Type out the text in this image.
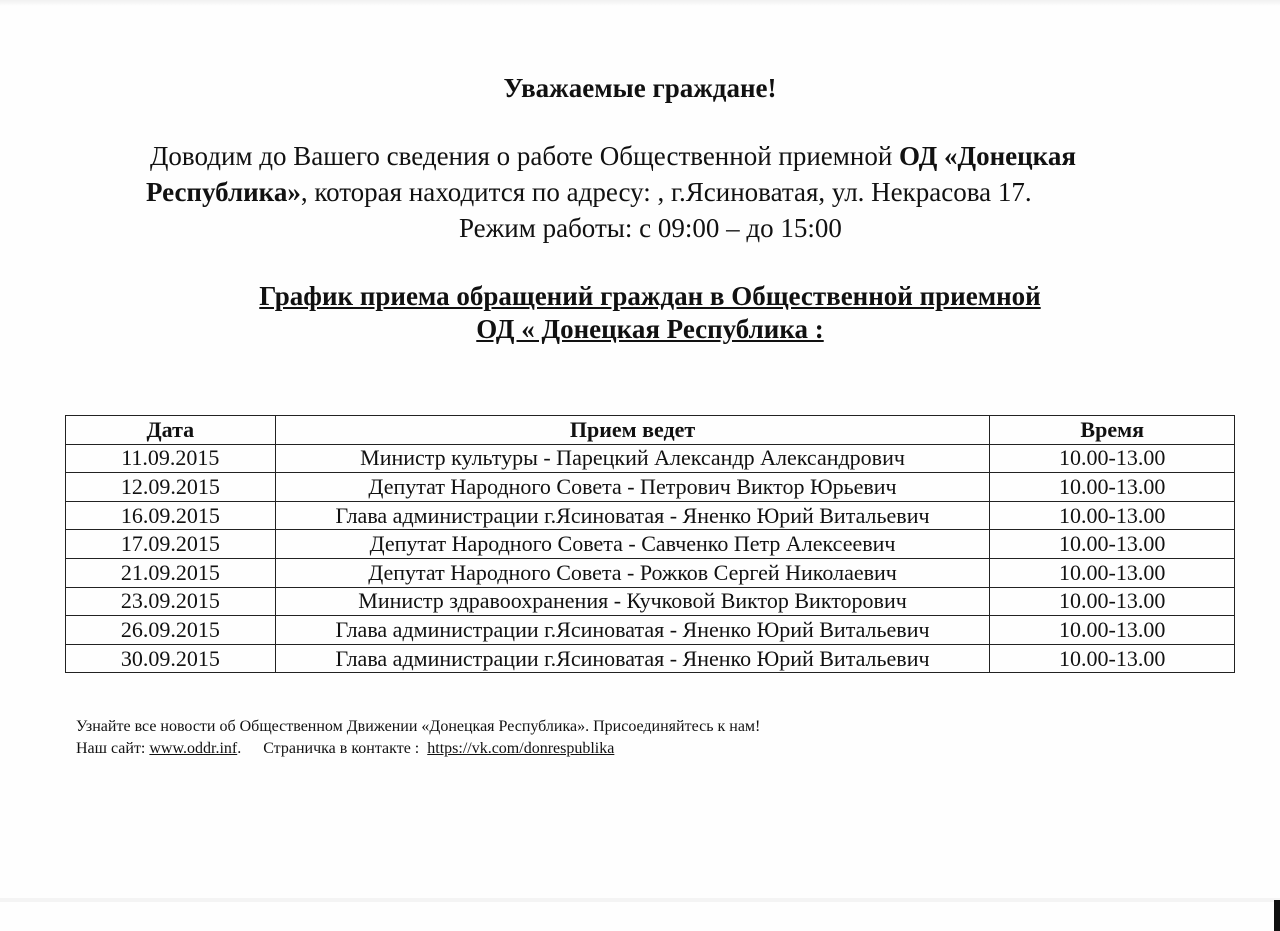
Уважаемые граждане!
Доводим до Вашего сведения о работе Общественной приемной ОД «Донецкая
Республика», которая находится по адресу: , г.Ясиноватая, ул. Некрасова 17.
Режим работы: с 09:00 – до 15:00
График приема обращений граждан в Общественной приемной
ОД « Донецкая Республика :
Дата	Прием ведет	Время
11.09.2015	Министр культуры - Парецкий Александр Александрович	10.00-13.00
12.09.2015	Депутат Народного Совета - Петрович Виктор Юрьевич	10.00-13.00
16.09.2015	Глава администрации г.Ясиноватая - Яненко Юрий Витальевич	10.00-13.00
17.09.2015	Депутат Народного Совета - Савченко Петр Алексеевич	10.00-13.00
21.09.2015	Депутат Народного Совета - Рожков Сергей Николаевич	10.00-13.00
23.09.2015	Министр здравоохранения - Кучковой Виктор Викторович	10.00-13.00
26.09.2015	Глава администрации г.Ясиноватая - Яненко Юрий Витальевич	10.00-13.00
30.09.2015	Глава администрации г.Ясиноватая - Яненко Юрий Витальевич	10.00-13.00
Узнайте все новости об Общественном Движении «Донецкая Республика». Присоединяйтесь к нам!
Наш сайт: www.oddr.inf. Страничка в контакте :  https://vk.com/donrespublika
